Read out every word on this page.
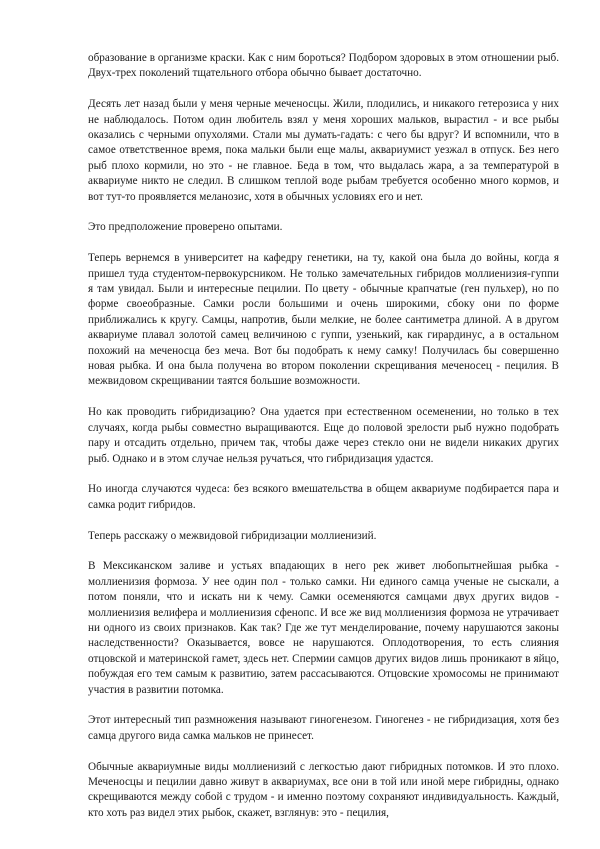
образование в организме краски. Как с ним бороться? Подбором здоровых в этом отношении рыб. Двух-трех поколений тщательного отбора обычно бывает достаточно.

Десять лет назад были у меня черные меченосцы. Жили, плодились, и никакого гетерозиса у них не наблюдалось. Потом один любитель взял у меня хороших мальков, вырастил - и все рыбы оказались с черными опухолями. Стали мы думать-гадать: с чего бы вдруг? И вспомнили, что в самое ответственное время, пока мальки были еще малы, аквариумист уезжал в отпуск. Без него рыб плохо кормили, но это - не главное. Беда в том, что выдалась жара, а за температурой в аквариуме никто не следил. В слишком теплой воде рыбам требуется особенно много кормов, и вот тут-то проявляется меланозис, хотя в обычных условиях его и нет.

Это предположение проверено опытами.

Теперь вернемся в университет на кафедру генетики, на ту, какой она была до войны, когда я пришел туда студентом-первокурсником. Не только замечательных гибридов моллиенизия-гуппи я там увидал. Были и интересные пецилии. По цвету - обычные крапчатые (ген пульхер), но по форме своеобразные. Самки росли большими и очень широкими, сбоку они по форме приближались к кругу. Самцы, напротив, были мелкие, не более сантиметра длиной. А в другом аквариуме плавал золотой самец величиною с гуппи, узенький, как гирардинус, а в остальном похожий на меченосца без меча. Вот бы подобрать к нему самку! Получилась бы совершенно новая рыбка. И она была получена во втором поколении скрещивания меченосец - пецилия. В межвидовом скрещивании таятся большие возможности.

Но как проводить гибридизацию? Она удается при естественном осеменении, но только в тех случаях, когда рыбы совместно выращиваются. Еще до половой зрелости рыб нужно подобрать пару и отсадить отдельно, причем так, чтобы даже через стекло они не видели никаких других рыб. Однако и в этом случае нельзя ручаться, что гибридизация удастся.

Но иногда случаются чудеса: без всякого вмешательства в общем аквариуме подбирается пара и самка родит гибридов.

Теперь расскажу о межвидовой гибридизации моллиенизий.

В Мексиканском заливе и устьях впадающих в него рек живет любопытнейшая рыбка - моллиенизия формоза. У нее один пол - только самки. Ни единого самца ученые не сыскали, а потом поняли, что и искать ни к чему. Самки осеменяются самцами двух других видов - моллиенизия велифера и моллиенизия сфенопс. И все же вид моллиенизия формоза не утрачивает ни одного из своих признаков. Как так? Где же тут менделирование, почему нарушаются законы наследственности? Оказывается, вовсе не нарушаются. Оплодотворения, то есть слияния отцовской и материнской гамет, здесь нет. Спермии самцов других видов лишь проникают в яйцо, побуждая его тем самым к развитию, затем рассасываются. Отцовские хромосомы не принимают участия в развитии потомка.

Этот интересный тип размножения называют гиногенезом. Гиногенез - не гибридизация, хотя без самца другого вида самка мальков не принесет.

Обычные аквариумные виды моллиенизий с легкостью дают гибридных потомков. И это плохо. Меченосцы и пецилии давно живут в аквариумах, все они в той или иной мере гибридны, однако скрещиваются между собой с трудом - и именно поэтому сохраняют индивидуальность. Каждый, кто хоть раз видел этих рыбок, скажет, взглянув: это - пецилия,
